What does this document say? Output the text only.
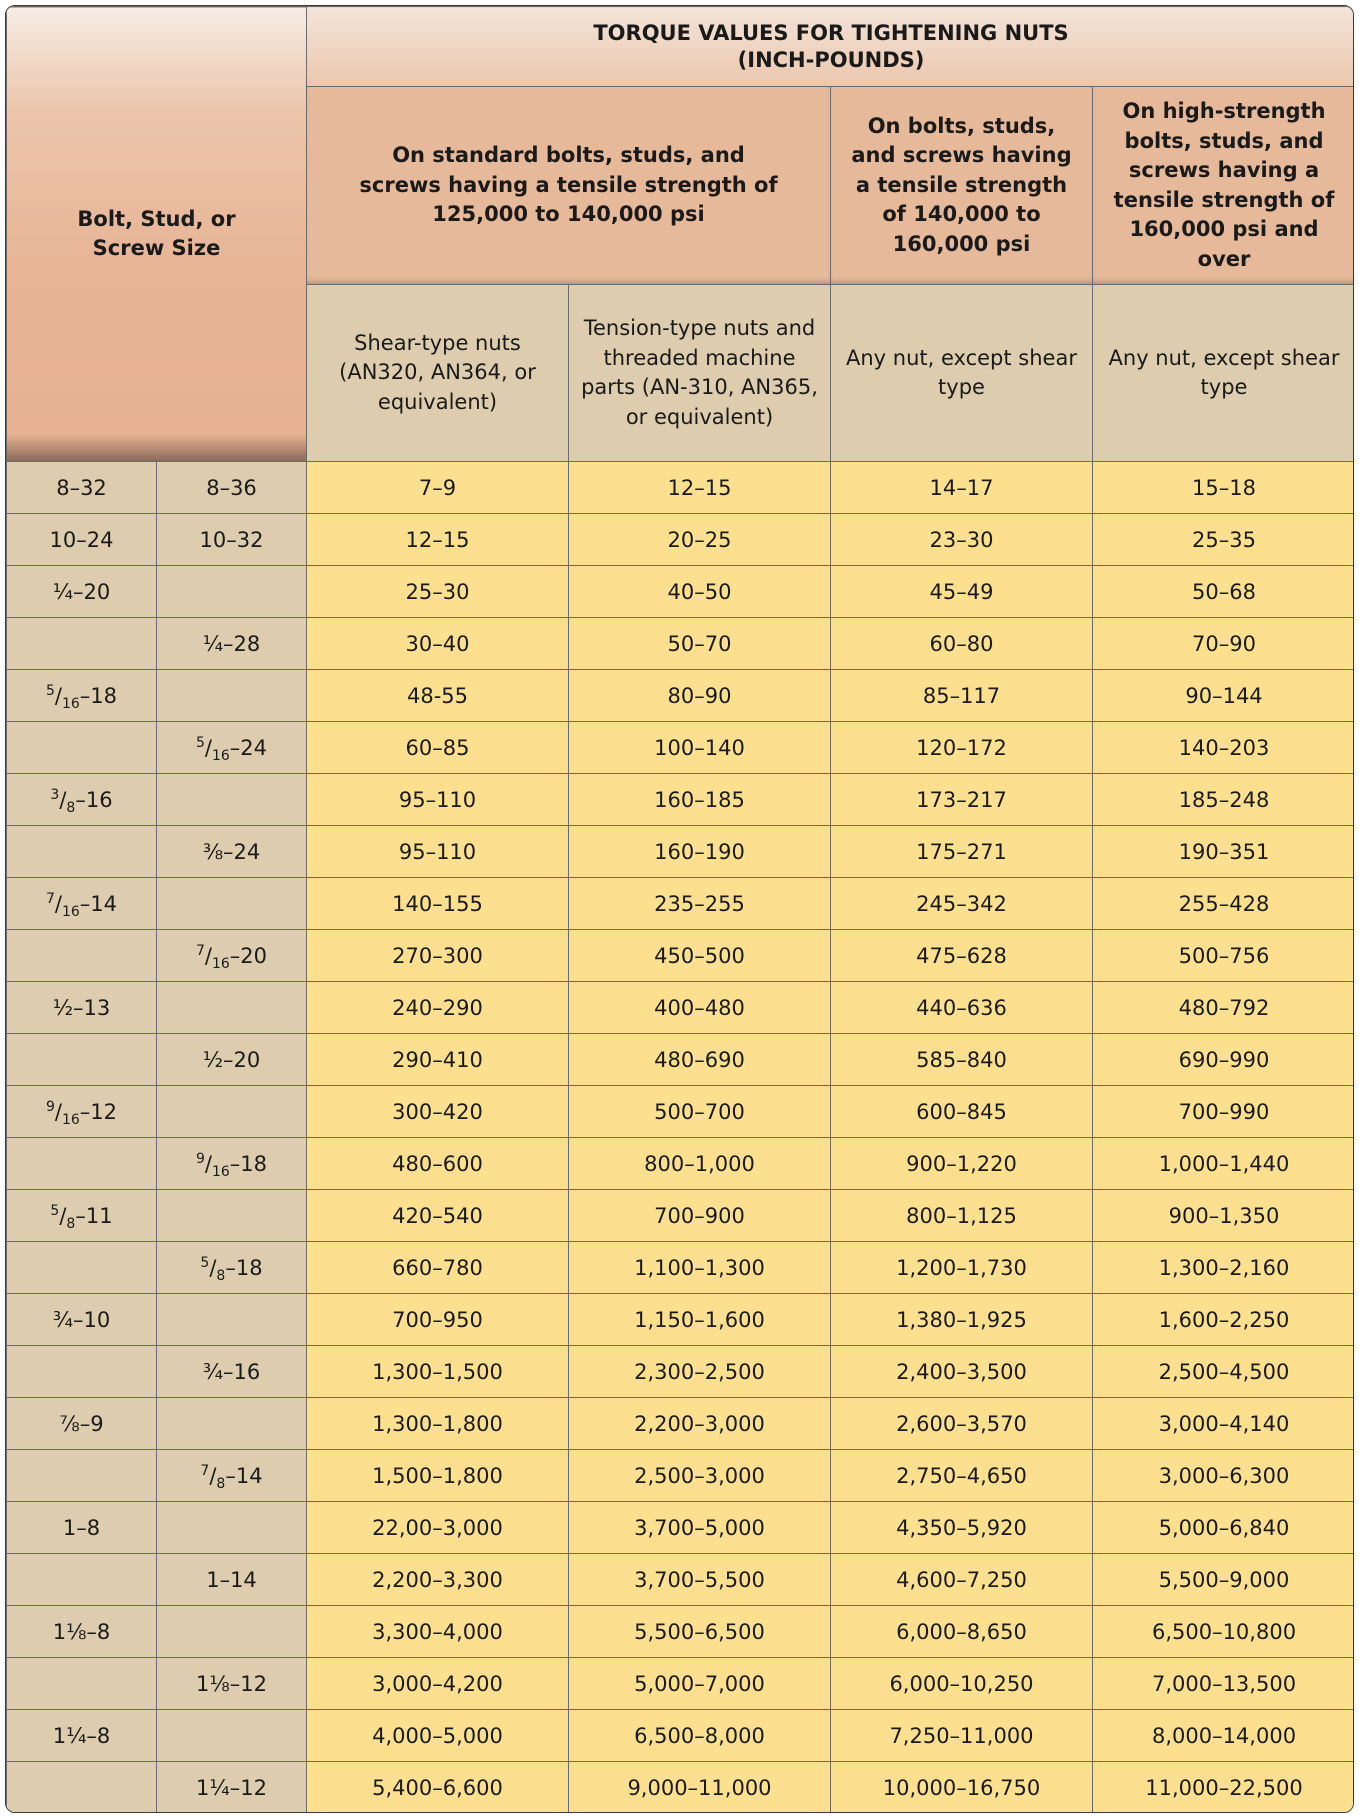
Bolt, Stud, or Screw Size		TORQUE VALUES FOR TIGHTENING NUTS
(INCH-POUNDS)			

		On standard bolts, studs, and screws having a tensile strength of 125,000 to 140,000 psi		On bolts, studs, and screws having a tensile strength of 140,000 to 160,000 psi	On high-strength bolts, studs, and screws having a tensile strength of 160,000 psi and over

		Shear-type nuts (AN320, AN364, or equivalent)	Tension-type nuts and threaded machine parts (AN-310, AN365, or equivalent)	Any nut, except shear type	Any nut, except shear type

8–32	8–36	7–9	12–15	14–17	15–18
10–24	10–32	12–15	20–25	23–30	25–35
¼–20		25–30	40–50	45–49	50–68
	¼–28	30–40	50–70	60–80	70–90
$^5/_{16}-18$		48-55	80–90	85–117	90–144
	$^5/_{16}-24$	60–85	100–140	120–172	140–203
$^3/_8-16$		95–110	160–185	173–217	185–248
	⅜–24	95–110	160–190	175–271	190–351
$^7/_{16}-14$		140–155	235–255	245–342	255–428
	$^7/_{16}-20$	270–300	450–500	475–628	500–756
½–13		240–290	400–480	440–636	480–792
	½–20	290–410	480–690	585–840	690–990
$^9/_{16}-12$		300–420	500–700	600–845	700–990
	$^9/_{16}-18$	480–600	800–1,000	900–1,220	1,000–1,440
$^5/_8-11$		420–540	700–900	800–1,125	900–1,350
	$^5/_8-18$	660–780	1,100–1,300	1,200–1,730	1,300–2,160
¾–10		700–950	1,150–1,600	1,380–1,925	1,600–2,250
	¾–16	1,300–1,500	2,300–2,500	2,400–3,500	2,500–4,500
⅞–9		1,300–1,800	2,200–3,000	2,600–3,570	3,000–4,140
	$^7/_8-14$	1,500–1,800	2,500–3,000	2,750–4,650	3,000–6,300
1–8		22,00–3,000	3,700–5,000	4,350–5,920	5,000–6,840
	1–14	2,200–3,300	3,700–5,500	4,600–7,250	5,500–9,000
1⅛–8		3,300–4,000	5,500–6,500	6,000–8,650	6,500–10,800
	1⅛–12	3,000–4,200	5,000–7,000	6,000–10,250	7,000–13,500
1¼–8		4,000–5,000	6,500–8,000	7,250–11,000	8,000–14,000
	1¼–12	5,400–6,600	9,000–11,000	10,000–16,750	11,000–22,500
